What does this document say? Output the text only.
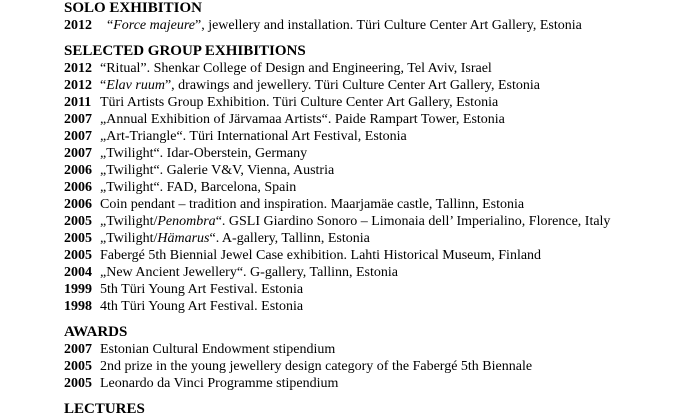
SOLO EXHIBITION
2012  “Force majeure”, jewellery and installation. Türi Culture Center Art Gallery, Estonia
SELECTED GROUP EXHIBITIONS
2012 “Ritual”. Shenkar College of Design and Engineering, Tel Aviv, Israel
2012 “Elav ruum”, drawings and jewellery. Türi Culture Center Art Gallery, Estonia
2011 Türi Artists Group Exhibition. Türi Culture Center Art Gallery, Estonia
2007 „Annual Exhibition of Järvamaa Artists“. Paide Rampart Tower, Estonia
2007 „Art-Triangle“. Türi International Art Festival, Estonia
2007 „Twilight“. Idar-Oberstein, Germany
2006 „Twilight“. Galerie V&V, Vienna, Austria
2006 „Twilight“. FAD, Barcelona, Spain
2006 Coin pendant – tradition and inspiration. Maarjamäe castle, Tallinn, Estonia
2005 „Twilight/Penombra“. GSLI Giardino Sonoro – Limonaia dell’ Imperialino, Florence, Italy
2005 „Twilight/Hämarus“. A-gallery, Tallinn, Estonia
2005 Fabergé 5th Biennial Jewel Case exhibition. Lahti Historical Museum, Finland
2004 „New Ancient Jewellery“. G-gallery, Tallinn, Estonia
1999 5th Türi Young Art Festival. Estonia
1998 4th Türi Young Art Festival. Estonia
AWARDS
2007 Estonian Cultural Endowment stipendium
2005 2nd prize in the young jewellery design category of the Fabergé 5th Biennale
2005 Leonardo da Vinci Programme stipendium
LECTURES
